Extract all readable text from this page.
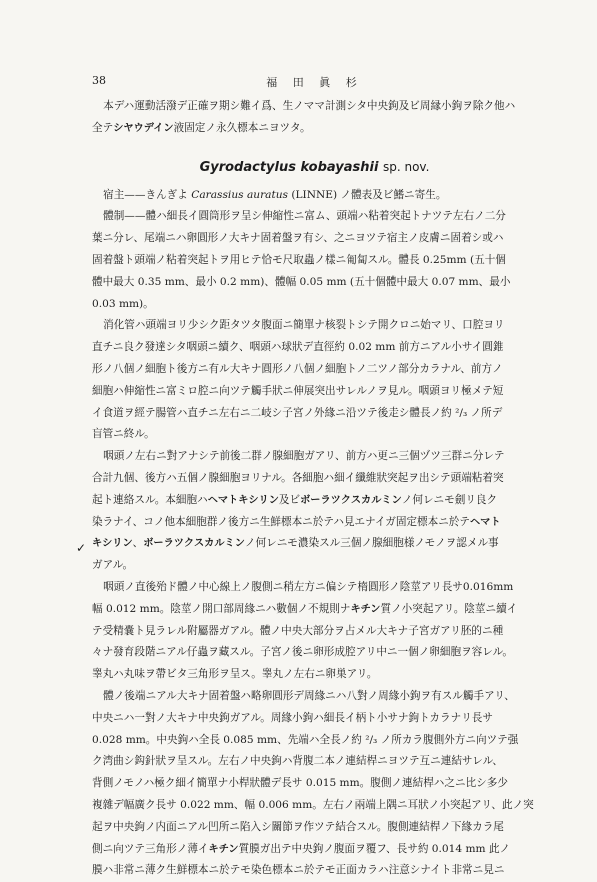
38	福 田 眞 杉
✓

本デハ運動活潑デ正確ヲ期シ難イ爲、生ノママ計測シタ中央鉤及ビ周縁小鉤ヲ除ク他ハ

全テシヤウデイン液固定ノ永久標本ニヨツタ。

Gyrodactylus kobayashii sp. nov.

宿主——きんぎよ Carassius auratus (LINNE) ノ體表及ビ鰭ニ寄生。

體制——體ハ細長イ圓筒形ヲ呈シ伸縮性ニ富ム、頭端ハ粘着突起トナツテ左右ノ二分

葉ニ分レ、尾端ニハ卵圓形ノ大キナ固着盤ヲ有シ、之ニヨツテ宿主ノ皮膚ニ固着シ或ハ

固着盤ト頭端ノ粘着突起トヲ用ヒテ恰モ尺取蟲ノ樣ニ匍匐スル。體長 0.25mm (五十個

體中最大 0.35 mm、最小 0.2 mm)、體幅 0.05 mm (五十個體中最大 0.07 mm、最小

0.03 mm)。

消化管ハ頭端ヨリ少シク距タツタ腹面ニ簡單ナ核裂トシテ開クロニ始マリ、口腔ヨリ

直チニ良ク發達シタ咽頭ニ續ク、咽頭ハ球狀デ直徑約 0.02 mm 前方ニアル小サイ圓錐

形ノ八個ノ細胞ト後方ニ有ル大キナ圓形ノ八個ノ細胞トノ二ツノ部分カラナル、前方ノ

細胞ハ伸縮性ニ富ミロ腔ニ向ツテ觸手狀ニ伸展突出サレルノヲ見ル。咽頭ヨリ極メテ短

イ食道ヲ經テ腸管ハ直チニ左右ニ二岐シ子宮ノ外緣ニ沿ツテ後走シ體長ノ約 ²/₃ ノ所デ

盲管ニ終ル。

咽頭ノ左右ニ對アナシテ前後二群ノ腺細胞ガアリ、前方ハ更ニ三個ヅツ三群ニ分レテ

合計九個、後方ハ五個ノ腺細胞ヨリナル。各細胞ハ細イ纖維狀突起ヲ出シテ頭端粘着突

起ト連絡スル。本細胞ハヘマトキシリン及ビボーラツクスカルミンノ何レニモ劍リ良ク

染ラナイ、コノ他本細胞群ノ後方ニ生鮮標本ニ於テハ見エナイガ固定標本ニ於テヘマト

キシリン、ボーラツクスカルミンノ何レニモ濃染スル三個ノ腺細胞様ノモノヲ認メル事

ガアル。

咽頭ノ直後殆ド體ノ中心線上ノ腹側ニ稍左方ニ偏シテ楕圓形ノ陰莖アリ長サ0.016mm

幅 0.012 mm。陰莖ノ開口部周緣ニハ數個ノ不規則ナキチン質ノ小突起アリ。陰莖ニ續イ

テ受精嚢ト見ラレル附屬器ガアル。體ノ中央大部分ヲ占メル大キナ子宮ガアリ胚的ニ種

々ナ發育段階ニアル仔蟲ヲ藏スル。子宮ノ後ニ卵形成腔アリ中ニ一個ノ卵細胞ヲ容レル。

睾丸ハ丸味ヲ帶ビタ三角形ヲ呈ス。睾丸ノ左右ニ卵巣アリ。

體ノ後端ニアル大キナ固着盤ハ略卵圓形デ周緣ニハ八對ノ周緣小鉤ヲ有スル觸手アリ、

中央ニハ一對ノ大キナ中央鉤ガアル。周緣小鉤ハ細長イ柄ト小サナ鉤トカラナリ長サ

0.028 mm。中央鉤ハ全長 0.085 mm、先端ハ全長ノ約 ²/₃ ノ所カラ腹側外方ニ向ツテ强

ク湾曲シ鈎針狀ヲ呈スル。左右ノ中央鉤ハ背腹二本ノ連結桿ニヨツテ互ニ連結サレル、

背側ノモノハ極ク細イ簡單ナ小桿狀體デ長サ 0.015 mm。腹側ノ連結桿ハ之ニ比シ多少

複雜デ幅廣ク長サ 0.022 mm、幅 0.006 mm。左右ノ兩端上隅ニ耳狀ノ小突起アリ、此ノ突

起ヲ中央鉤ノ内面ニアル凹所ニ陷入シ關節ヲ作ツテ結合スル。腹側連結桿ノ下緣カラ尾

側ニ向ツテ三角形ノ薄イキチン質膜ガ出テ中央鉤ノ腹面ヲ覆フ、長サ約 0.014 mm 此ノ

膜ハ非常ニ薄ク生鮮標本ニ於テモ染色標本ニ於テモ正面カラハ注意シナイト非常ニ見ニ
